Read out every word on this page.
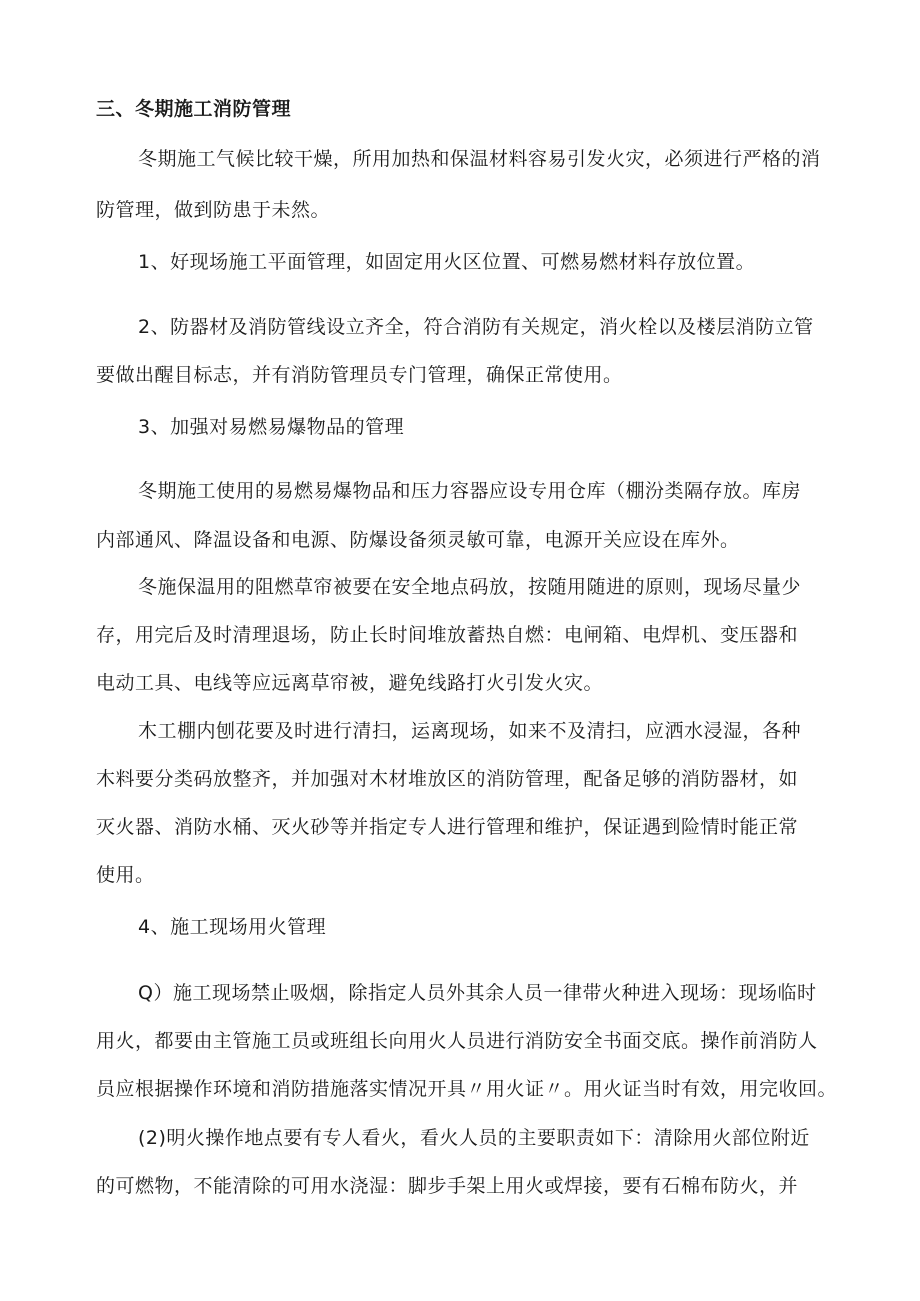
三、冬期施工消防管理
冬期施工气候比较干燥，所用加热和保温材料容易引发火灾，必须进行严格的消
防管理，做到防患于未然。
1、好现场施工平面管理，如固定用火区位置、可燃易燃材料存放位置。
2、防器材及消防管线设立齐全，符合消防有关规定，消火栓以及楼层消防立管
要做出醒目标志，并有消防管理员专门管理，确保正常使用。
3、加强对易燃易爆物品的管理
冬期施工使用的易燃易爆物品和压力容器应设专用仓库（棚汾类隔存放。库房
内部通风、降温设备和电源、防爆设备须灵敏可靠，电源开关应设在库外。
冬施保温用的阻燃草帘被要在安全地点码放，按随用随进的原则，现场尽量少
存，用完后及时清理退场，防止长时间堆放蓄热自燃：电闸箱、电焊机、变压器和
电动工具、电线等应远离草帘被，避免线路打火引发火灾。
木工棚内刨花要及时进行清扫，运离现场，如来不及清扫，应洒水浸湿，各种
木料要分类码放整齐，并加强对木材堆放区的消防管理，配备足够的消防器材，如
灭火器、消防水桶、灭火砂等并指定专人进行管理和维护，保证遇到险情时能正常
使用。
4、施工现场用火管理
Q）施工现场禁止吸烟，除指定人员外其余人员一律带火种进入现场：现场临时
用火，都要由主管施工员或班组长向用火人员进行消防安全书面交底。操作前消防人
员应根据操作环境和消防措施落实情况开具〃用火证〃。用火证当时有效，用完收回。
(2)明火操作地点要有专人看火，看火人员的主要职责如下：清除用火部位附近
的可燃物，不能清除的可用水浇湿：脚步手架上用火或焊接，要有石棉布防火，并
